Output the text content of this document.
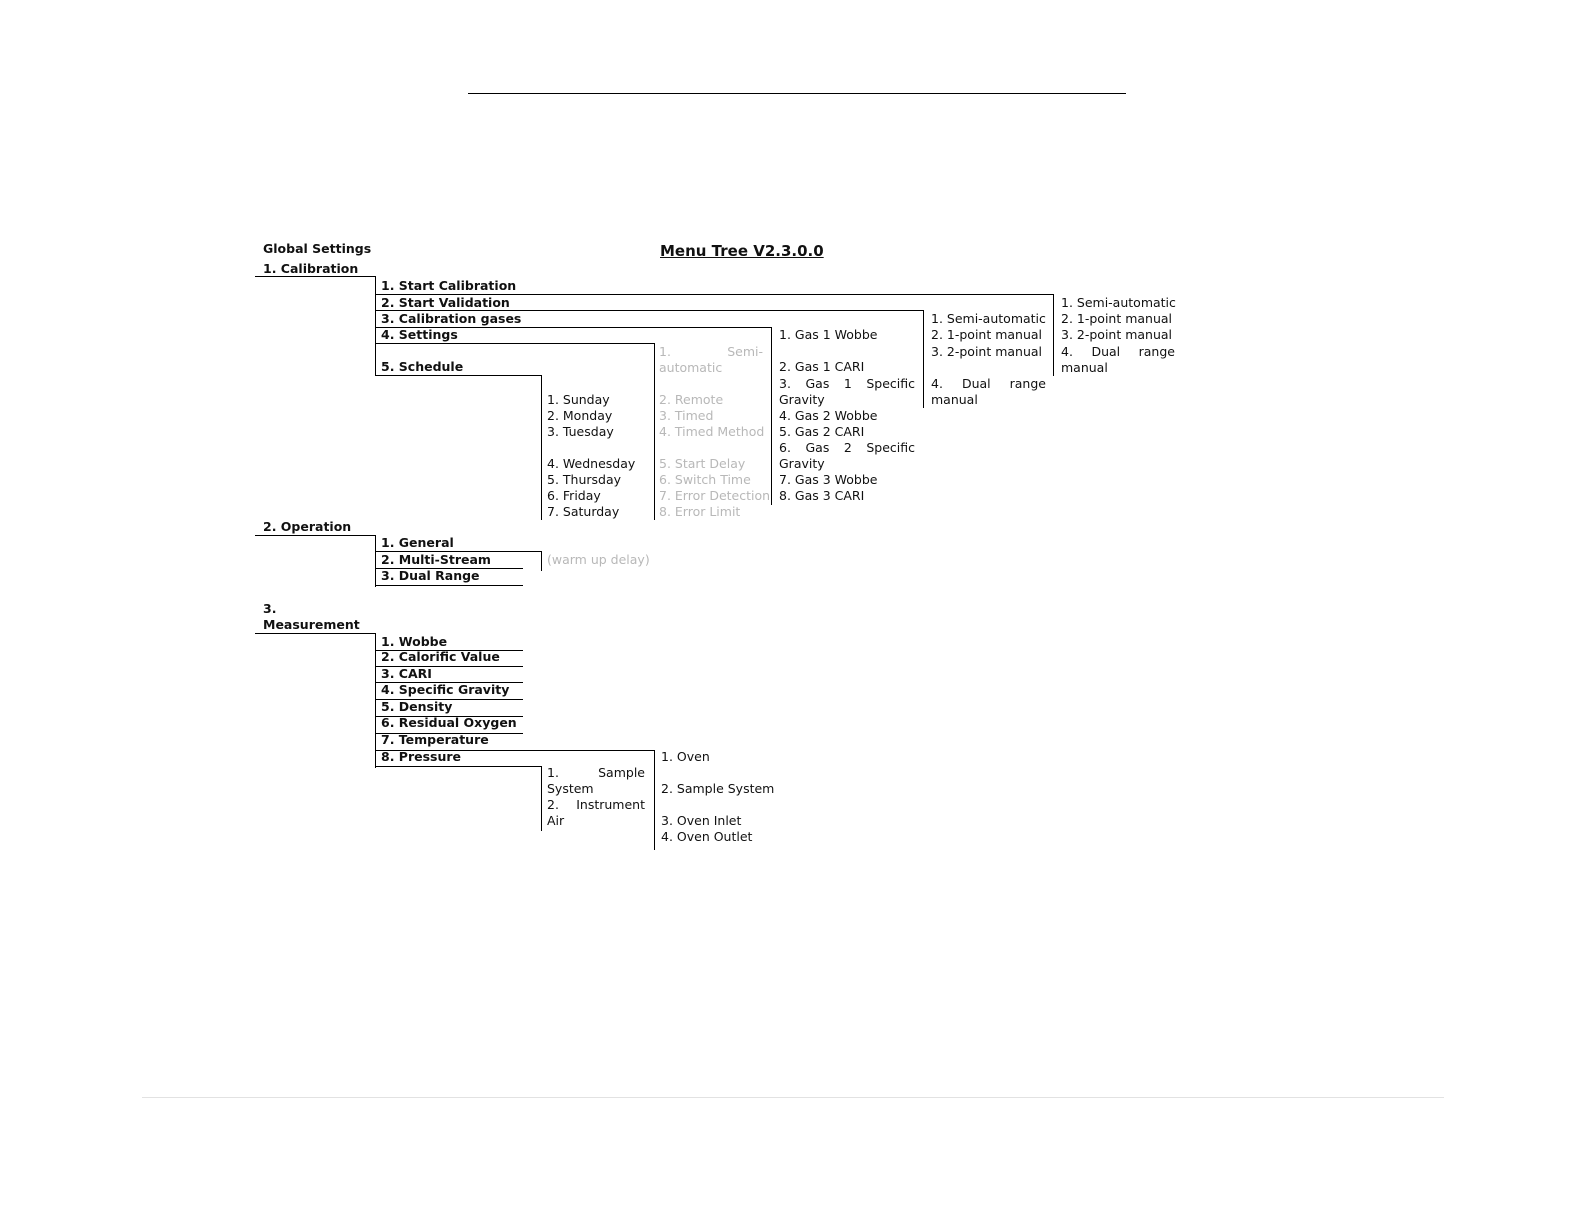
Menu Tree V2.3.0.0
Global Settings
1. Calibration
1. Start Calibration
2. Start Validation
3. Calibration gases
4. Settings
5. Schedule
1. Sunday
2. Monday
3. Tuesday
4. Wednesday
5. Thursday
6. Friday
7. Saturday
1.	Semi-
automatic
2. Remote
3. Timed
4. Timed Method
5. Start Delay
6. Switch Time
7. Error Detection
8. Error Limit
1. Gas 1 Wobbe
2. Gas 1 CARI
3. Gas 1 Specific
Gravity
4. Gas 2 Wobbe
5. Gas 2 CARI
6. Gas 2 Specific
Gravity
7. Gas 3 Wobbe
8. Gas 3 CARI
1. Semi-automatic
2. 1-point manual
3. 2-point manual
4. Dual range
manual
1. Semi-automatic
2. 1-point manual
3. 2-point manual
4. Dual range
manual
2. Operation
1. General
2. Multi-Stream	(warm up delay)
3. Dual Range
3.
Measurement
1. Wobbe
2. Calorific Value
3. CARI
4. Specific Gravity
5. Density
6. Residual Oxygen
7. Temperature
8. Pressure
1.	Sample
System
2. Instrument
Air
1. Oven
2. Sample System
3. Oven Inlet
4. Oven Outlet
